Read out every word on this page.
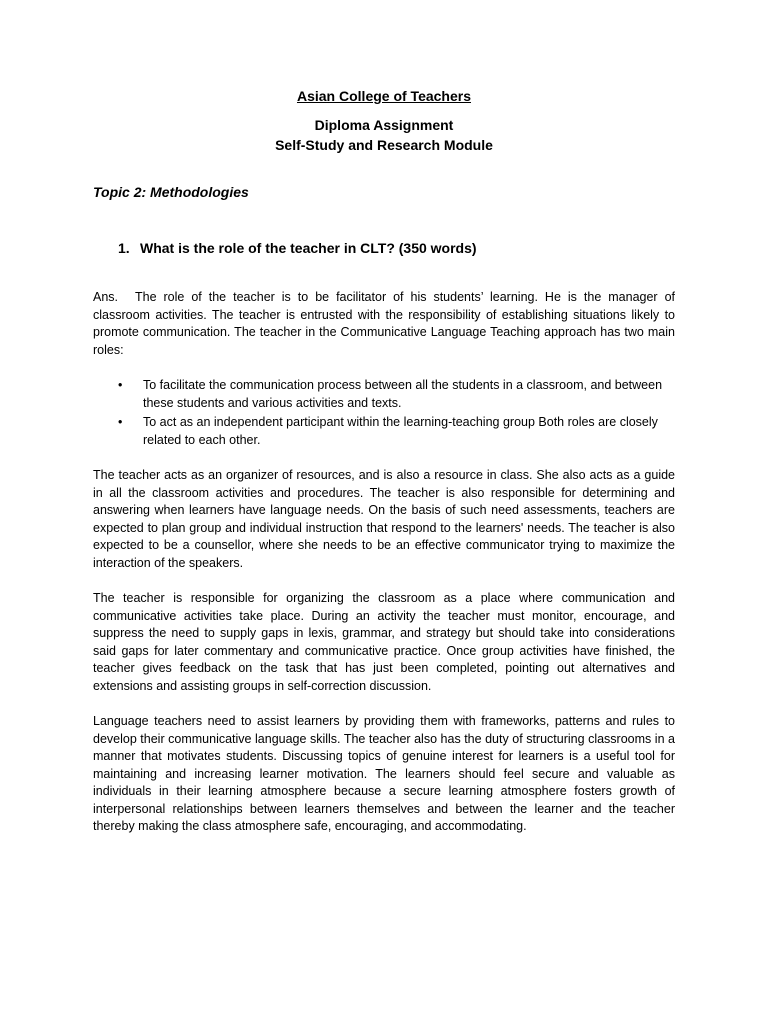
Asian College of Teachers

Diploma Assignment

Self-Study and Research Module

Topic 2: Methodologies

1. What is the role of the teacher in CLT? (350 words)

Ans. The role of the teacher is to be facilitator of his students’ learning. He is the manager of classroom activities. The teacher is entrusted with the responsibility of establishing situations likely to promote communication. The teacher in the Communicative Language Teaching approach has two main roles:

• To facilitate the communication process between all the students in a classroom, and between these students and various activities and texts.
• To act as an independent participant within the learning-teaching group Both roles are closely related to each other.

The teacher acts as an organizer of resources, and is also a resource in class. She also acts as a guide in all the classroom activities and procedures. The teacher is also responsible for determining and answering when learners have language needs. On the basis of such need assessments, teachers are expected to plan group and individual instruction that respond to the learners' needs. The teacher is also expected to be a counsellor, where she needs to be an effective communicator trying to maximize the interaction of the speakers.

The teacher is responsible for organizing the classroom as a place where communication and communicative activities take place. During an activity the teacher must monitor, encourage, and suppress the need to supply gaps in lexis, grammar, and strategy but should take into considerations said gaps for later commentary and communicative practice. Once group activities have finished, the teacher gives feedback on the task that has just been completed, pointing out alternatives and extensions and assisting groups in self-correction discussion.

Language teachers need to assist learners by providing them with frameworks, patterns and rules to develop their communicative language skills. The teacher also has the duty of structuring classrooms in a manner that motivates students. Discussing topics of genuine interest for learners is a useful tool for maintaining and increasing learner motivation. The learners should feel secure and valuable as individuals in their learning atmosphere because a secure learning atmosphere fosters growth of interpersonal relationships between learners themselves and between the learner and the teacher thereby making the class atmosphere safe, encouraging, and accommodating.
